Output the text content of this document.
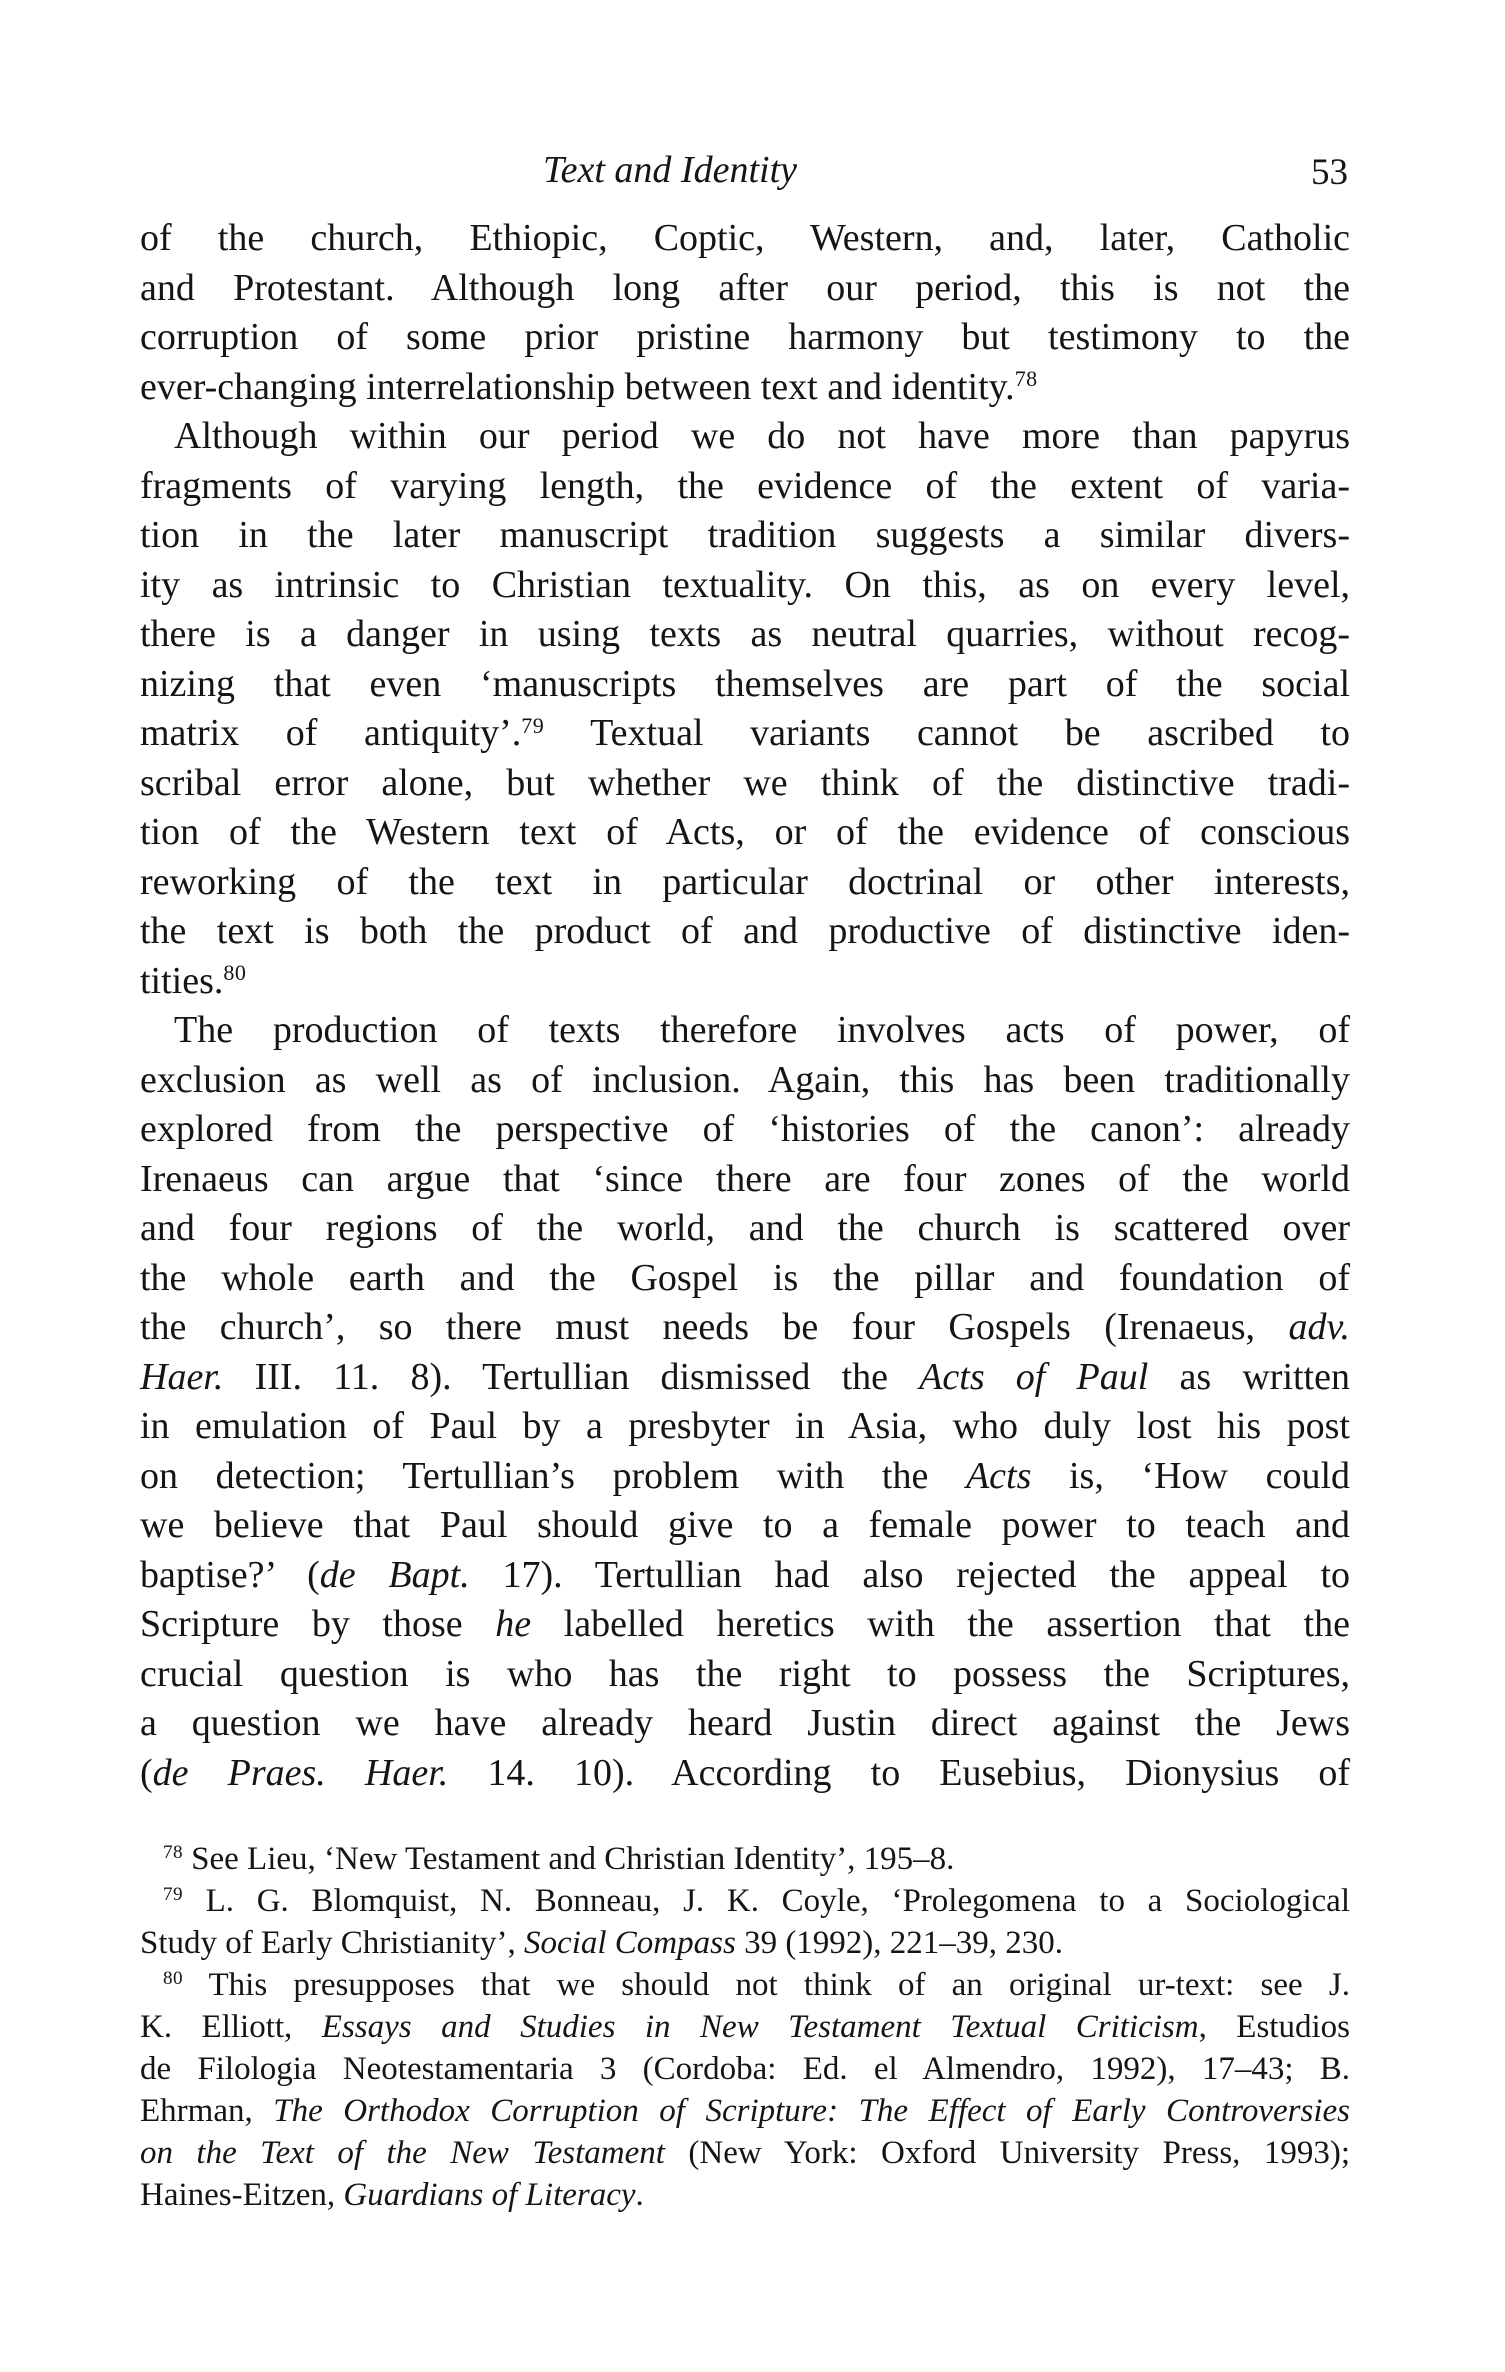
Text and Identity	53
of the church, Ethiopic, Coptic, Western, and, later, Catholic
and Protestant. Although long after our period, this is not the
corruption of some prior pristine harmony but testimony to the
ever-changing interrelationship between text and identity.$^{78}$
Although within our period we do not have more than papyrus
fragments of varying length, the evidence of the extent of varia-
tion in the later manuscript tradition suggests a similar divers-
ity as intrinsic to Christian textuality. On this, as on every level,
there is a danger in using texts as neutral quarries, without recog-
nizing that even ‘manuscripts themselves are part of the social
matrix of antiquity’.$^{79}$ Textual variants cannot be ascribed to
scribal error alone, but whether we think of the distinctive tradi-
tion of the Western text of Acts, or of the evidence of conscious
reworking of the text in particular doctrinal or other interests,
the text is both the product of and productive of distinctive iden-
tities.$^{80}$
The production of texts therefore involves acts of power, of
exclusion as well as of inclusion. Again, this has been traditionally
explored from the perspective of ‘histories of the canon’: already
Irenaeus can argue that ‘since there are four zones of the world
and four regions of the world, and the church is scattered over
the whole earth and the Gospel is the pillar and foundation of
the church’, so there must needs be four Gospels (Irenaeus, adv.
Haer. III. 11. 8). Tertullian dismissed the Acts of Paul as written
in emulation of Paul by a presbyter in Asia, who duly lost his post
on detection; Tertullian’s problem with the Acts is, ‘How could
we believe that Paul should give to a female power to teach and
baptise?’ (de Bapt. 17). Tertullian had also rejected the appeal to
Scripture by those he labelled heretics with the assertion that the
crucial question is who has the right to possess the Scriptures,
a question we have already heard Justin direct against the Jews
(de Praes. Haer. 14. 10). According to Eusebius, Dionysius of
$^{78}$ See Lieu, ‘New Testament and Christian Identity’, 195–8.
$^{79}$ L. G. Blomquist, N. Bonneau, J. K. Coyle, ‘Prolegomena to a Sociological
Study of Early Christianity’, Social Compass 39 (1992), 221–39, 230.
$^{80}$ This presupposes that we should not think of an original ur-text: see J.
K. Elliott, Essays and Studies in New Testament Textual Criticism, Estudios
de Filologia Neotestamentaria 3 (Cordoba: Ed. el Almendro, 1992), 17–43; B.
Ehrman, The Orthodox Corruption of Scripture: The Effect of Early Controversies
on the Text of the New Testament (New York: Oxford University Press, 1993);
Haines-Eitzen, Guardians of Literacy.
